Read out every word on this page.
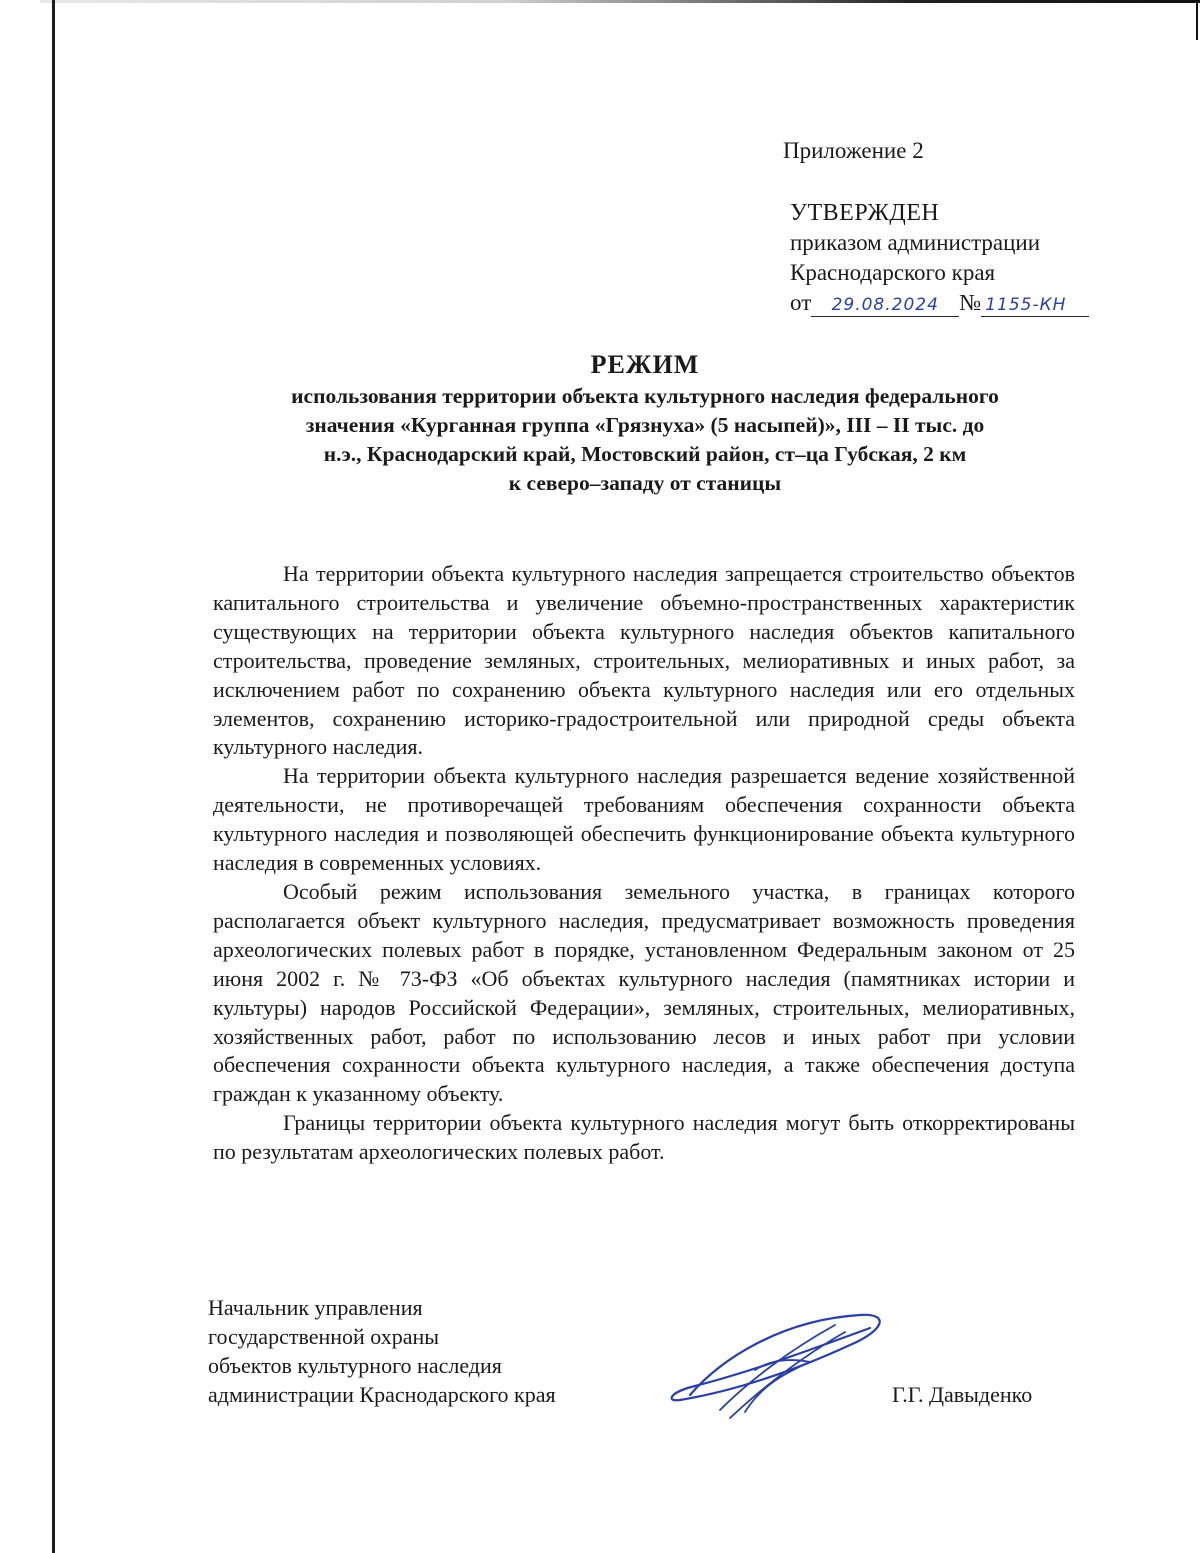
Приложение 2
УТВЕРЖДЕН
приказом администрации
Краснодарского края
от 29.08.2024 № 1155-КН
РЕЖИМ
использования территории объекта культурного наследия федерального
значения «Курганная группа «Грязнуха» (5 насыпей)», III – II тыс. до
н.э., Краснодарский край, Мостовский район, ст–ца Губская, 2 км
к северо–западу от станицы

На территории объекта культурного наследия запрещается строительство объектов капитального строительства и увеличение объемно-пространственных характеристик существующих на территории объекта культурного наследия объектов капитального строительства, проведение земляных, строительных, мелиоративных и иных работ, за исключением работ по сохранению объекта культурного наследия или его отдельных элементов, сохранению историко-градостроительной или природной среды объекта культурного наследия.

На территории объекта культурного наследия разрешается ведение хозяйственной деятельности, не противоречащей требованиям обеспечения сохранности объекта культурного наследия и позволяющей обеспечить функционирование объекта культурного наследия в современных условиях.

Особый режим использования земельного участка, в границах которого располагается объект культурного наследия, предусматривает возможность проведения археологических полевых работ в порядке, установленном Федеральным законом от 25 июня 2002 г. № 73-ФЗ «Об объектах культурного наследия (памятниках истории и культуры) народов Российской Федерации», земляных, строительных, мелиоративных, хозяйственных работ, работ по использованию лесов и иных работ при условии обеспечения сохранности объекта культурного наследия, а также обеспечения доступа граждан к указанному объекту.

Границы территории объекта культурного наследия могут быть откорректированы по результатам археологических полевых работ.

Начальник управления
государственной охраны
объектов культурного наследия
администрации Краснодарского края	Г.Г. Давыденко
